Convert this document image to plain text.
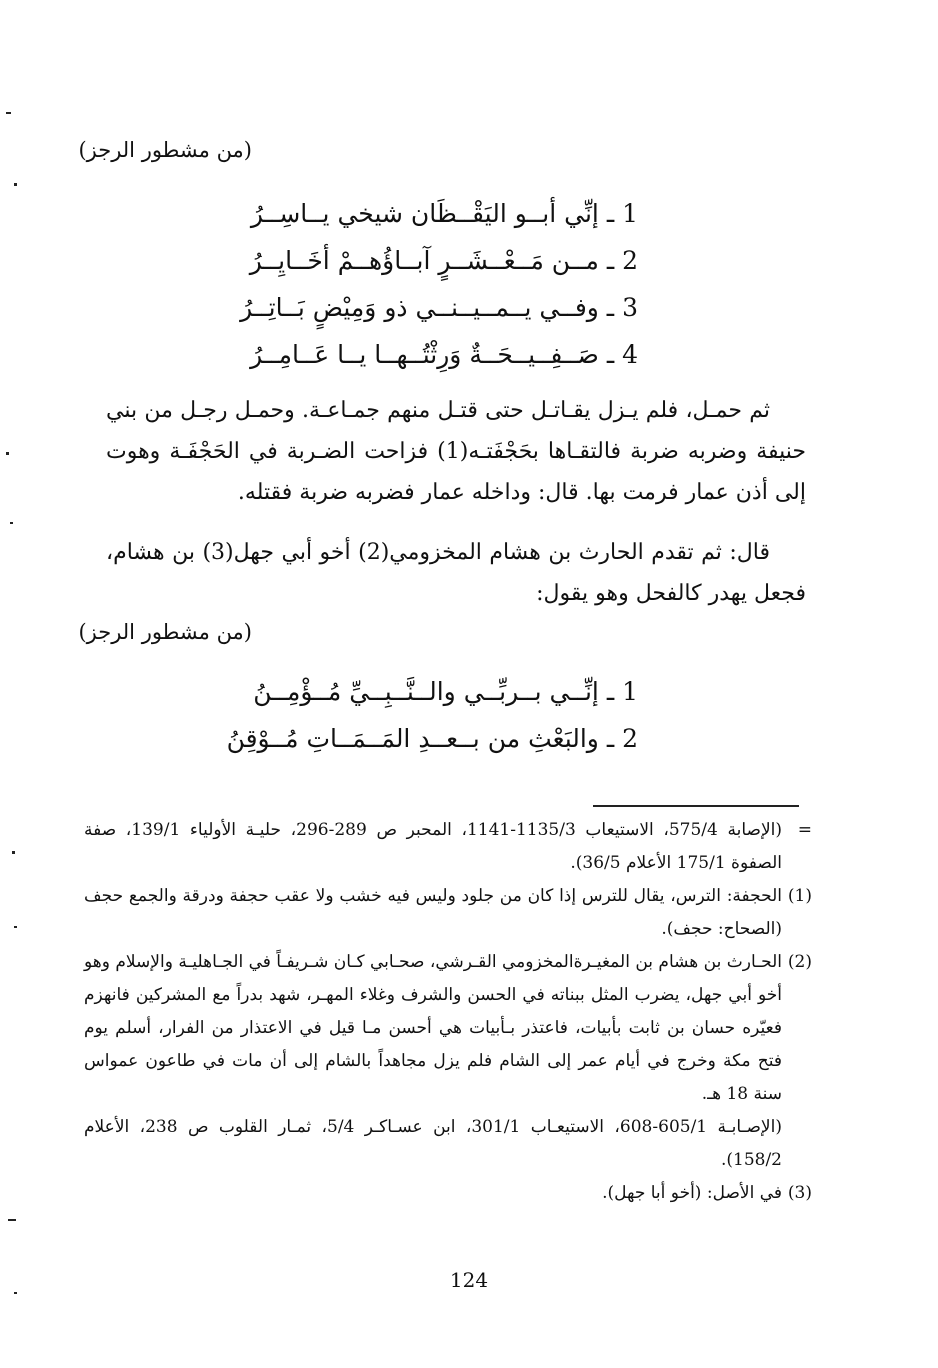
(من مشطور الرجز)
1 ـ إنِّي أبــو اليَقْــظَان شيخي يــاسِــرُ
2 ـ مــن مَــعْــشَــرٍ آبــاؤُهــمْ أخَــايِــرُ
3 ـ وفــي يــمــيــنــي ذو وَمِيْضٍ بَــاتِــرُ
4 ـ صَــفِــيــحَــةٌ وَرِثْتُــهــا يــا عَــامِــرُ

ثم حمـل، فلم يـزل يقـاتـل حتى قتـل منهم جمـاعـة. وحمـل رجـل من بني حنيفة وضربه ضربة فالتقـاها بحَجْفَتـه(1) فزاحت الضـربة في الحَجْفَـة وهوت إلى أذن عمار فرمت بها. قال: وداخله عمار فضربه ضربة فقتله.

قال: ثم تقدم الحارث بن هشام المخزومي(2) أخو أبي جهل(3) بن هشام، فجعل يهدر كالفحل وهو يقول:

(من مشطور الرجز)
1 ـ إنِّــي بــربِّــي والــنَّــبِــيِّ مُــؤْمِــنُ
2 ـ والبَعْثِ من بــعــدِ المَــمَــاتِ مُــوْقِنُ
=
(الإصابة 575/4، الاستيعاب 1135/3-1141، المحبر ص 289-296، حليـة الأولياء 139/1، صفة الصفوة 175/1 الأعلام 36/5).
(1)
الحجفة: الترس، يقال للترس إذا كان من جلود وليس فيه خشب ولا عقب حجفة ودرقة والجمع حجف (الصحاح: حجف).
(2)
الحـارث بن هشام بن المغيـرةالمخزومي القـرشي، صحـابي كـان شـريفـاً في الجـاهليـة والإسلام وهو أخو أبي جهل، يضرب المثل ببناته في الحسن والشرف وغلاء المهـر، شهد بدراً مع المشركين فانهزم فعيّره حسان بن ثابت بأبيات، فاعتذر بـأبيات هي أحسن مـا قيل في الاعتذار من الفرار، أسلم يوم فتح مكة وخرج في أيام عمر إلى الشام فلم يزل مجاهداً بالشام إلى أن مات في طاعون عمواس سنة 18 هـ.
(الإصـابـة 605/1-608، الاستيعـاب 301/1، ابن عسـاكـر 5/4، ثمـار القلوب ص 238، الأعلام 158/2).
(3)
في الأصل: (أخو أبا جهل).
124
